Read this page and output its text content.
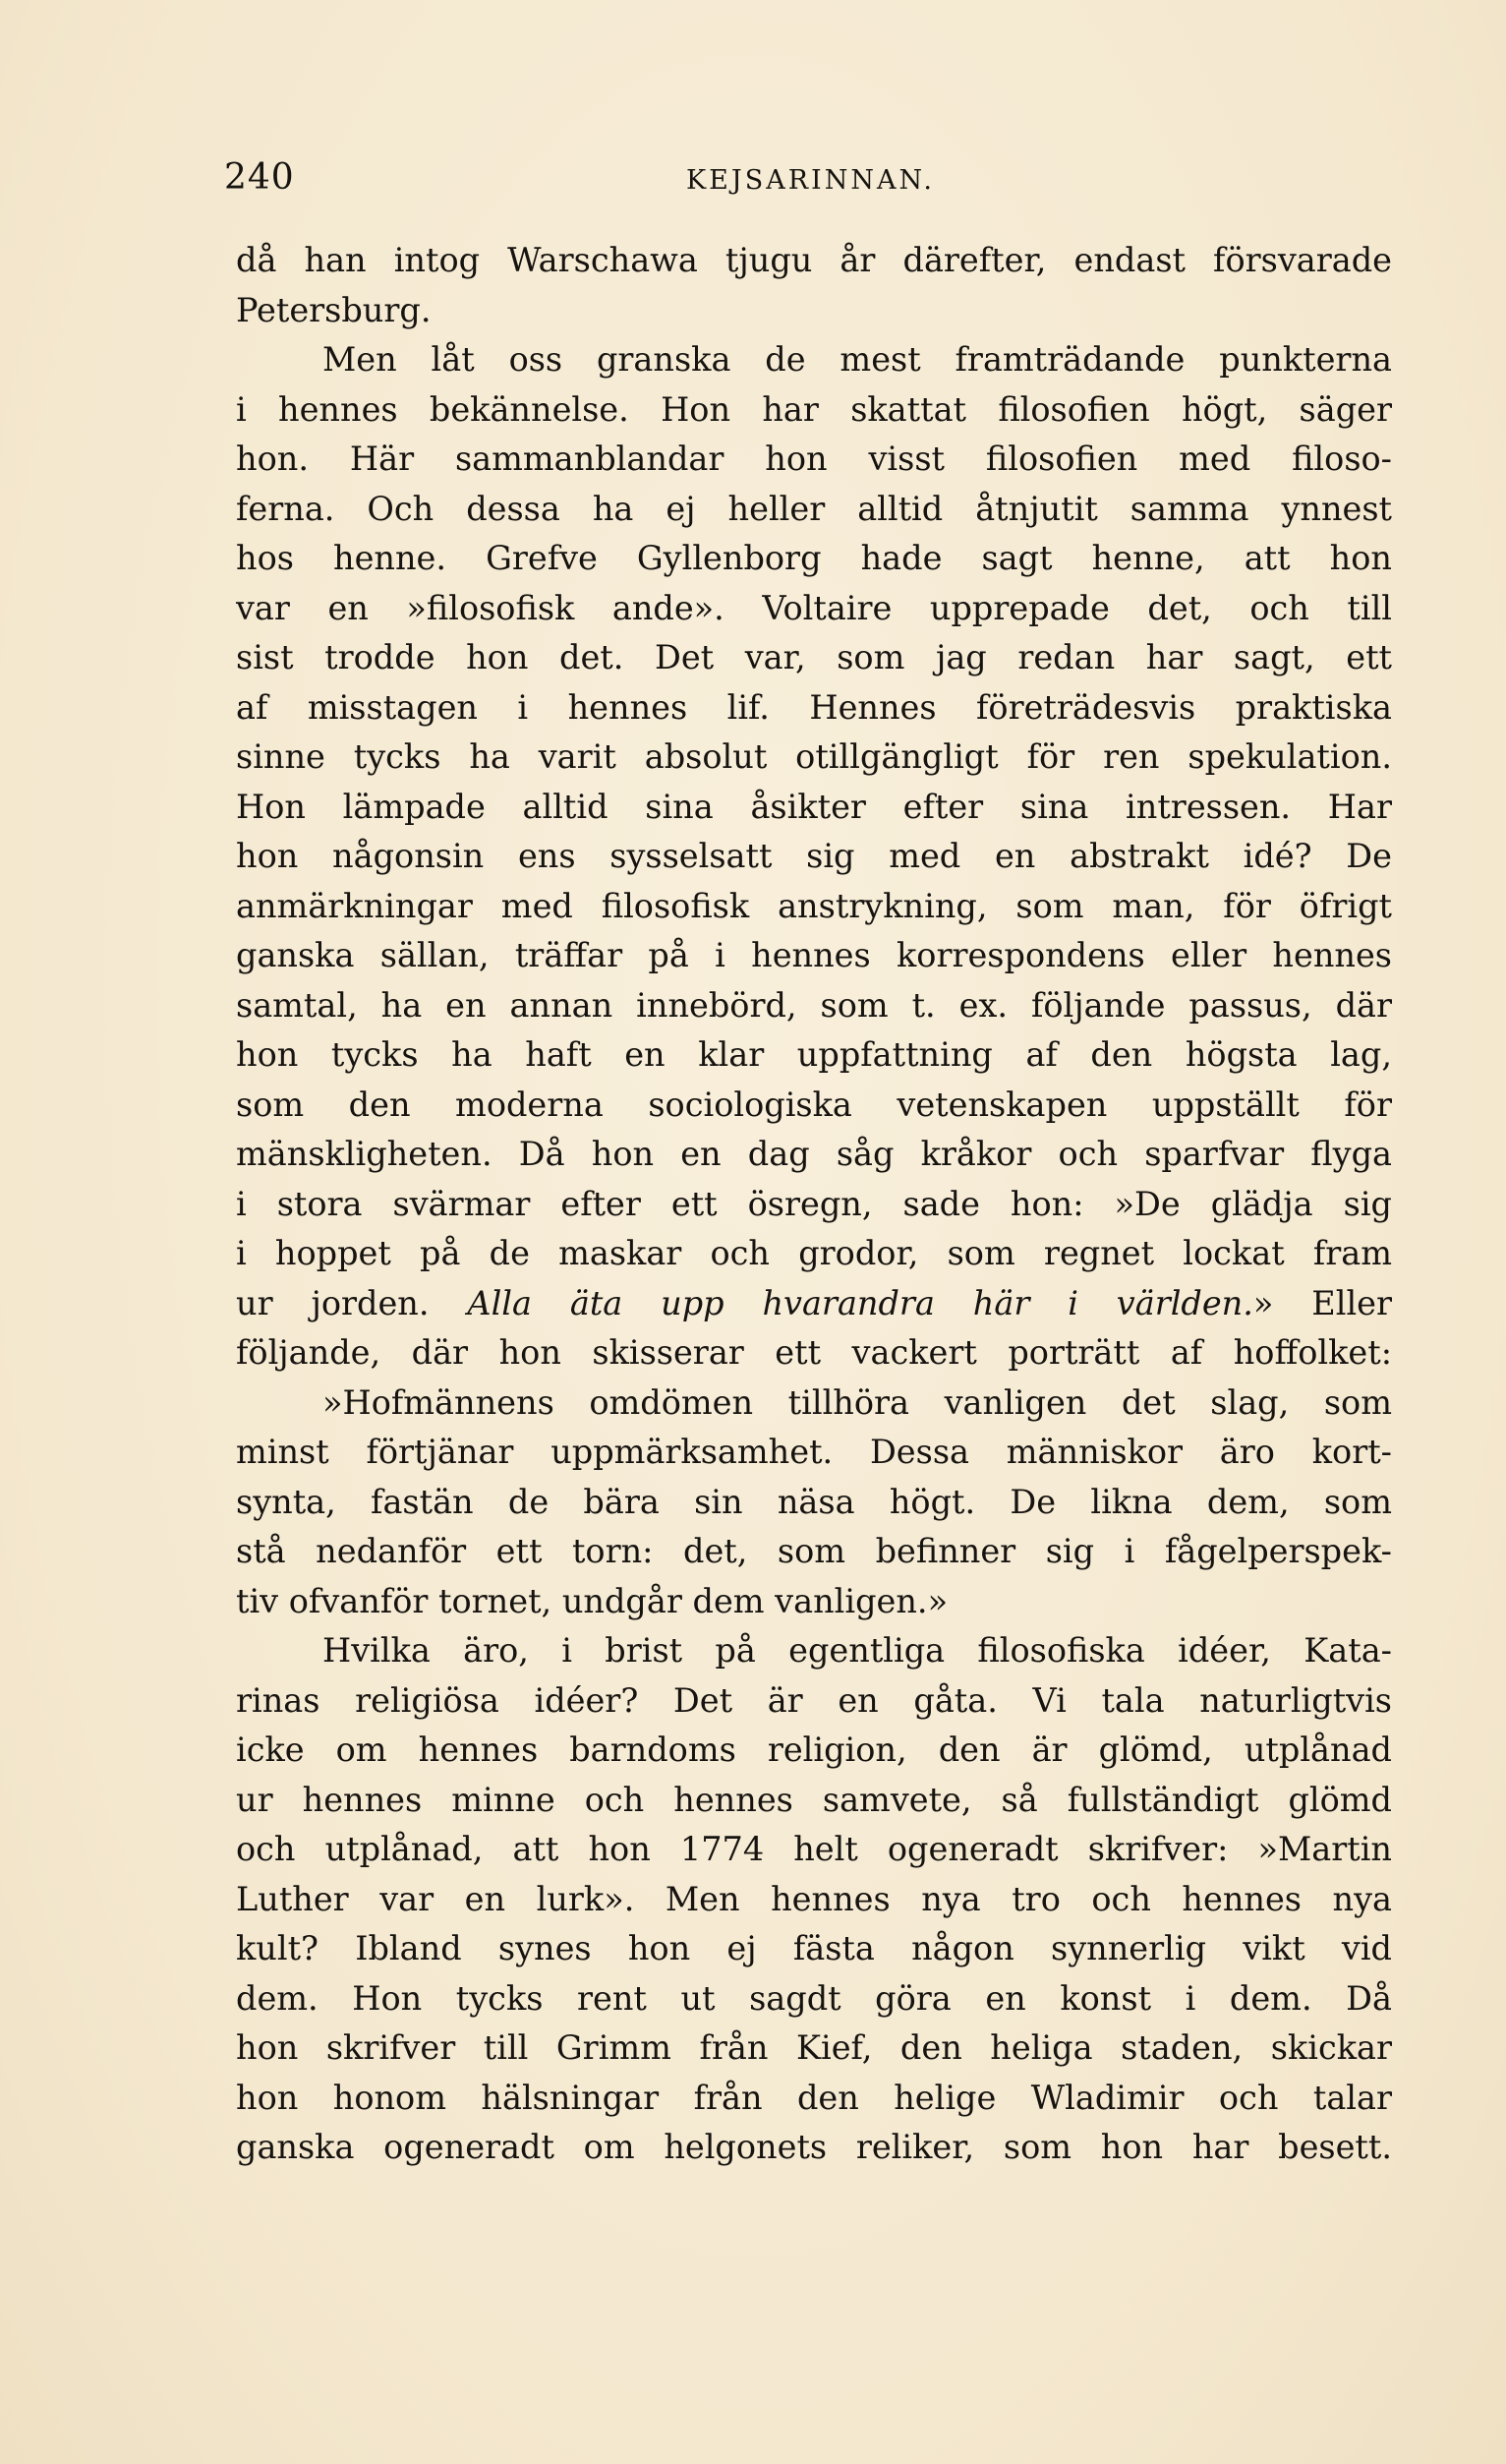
240	KEJSARINNAN.
då han intog Warschawa tjugu år därefter, endast försvarade
Petersburg.
Men låt oss granska de mest framträdande punkterna
i hennes bekännelse. Hon har skattat filosofien högt, säger
hon. Här sammanblandar hon visst filosofien med filoso-
ferna. Och dessa ha ej heller alltid åtnjutit samma ynnest
hos henne. Grefve Gyllenborg hade sagt henne, att hon
var en »filosofisk ande». Voltaire upprepade det, och till
sist trodde hon det. Det var, som jag redan har sagt, ett
af misstagen i hennes lif. Hennes företrädesvis praktiska
sinne tycks ha varit absolut otillgängligt för ren spekulation.
Hon lämpade alltid sina åsikter efter sina intressen. Har
hon någonsin ens sysselsatt sig med en abstrakt idé? De
anmärkningar med filosofisk anstrykning, som man, för öfrigt
ganska sällan, träffar på i hennes korrespondens eller hennes
samtal, ha en annan innebörd, som t. ex. följande passus, där
hon tycks ha haft en klar uppfattning af den högsta lag,
som den moderna sociologiska vetenskapen uppställt för
mänskligheten. Då hon en dag såg kråkor och sparfvar flyga
i stora svärmar efter ett ösregn, sade hon: »De glädja sig
i hoppet på de maskar och grodor, som regnet lockat fram
ur jorden. Alla äta upp hvarandra här i världen.» Eller
följande, där hon skisserar ett vackert porträtt af hoffolket:
»Hofmännens omdömen tillhöra vanligen det slag, som
minst förtjänar uppmärksamhet. Dessa människor äro kort-
synta, fastän de bära sin näsa högt. De likna dem, som
stå nedanför ett torn: det, som befinner sig i fågelperspek-
tiv ofvanför tornet, undgår dem vanligen.»
Hvilka äro, i brist på egentliga filosofiska idéer, Kata-
rinas religiösa idéer? Det är en gåta. Vi tala naturligtvis
icke om hennes barndoms religion, den är glömd, utplånad
ur hennes minne och hennes samvete, så fullständigt glömd
och utplånad, att hon 1774 helt ogeneradt skrifver: »Martin
Luther var en lurk». Men hennes nya tro och hennes nya
kult? Ibland synes hon ej fästa någon synnerlig vikt vid
dem. Hon tycks rent ut sagdt göra en konst i dem. Då
hon skrifver till Grimm från Kief, den heliga staden, skickar
hon honom hälsningar från den helige Wladimir och talar
ganska ogeneradt om helgonets reliker, som hon har besett.
